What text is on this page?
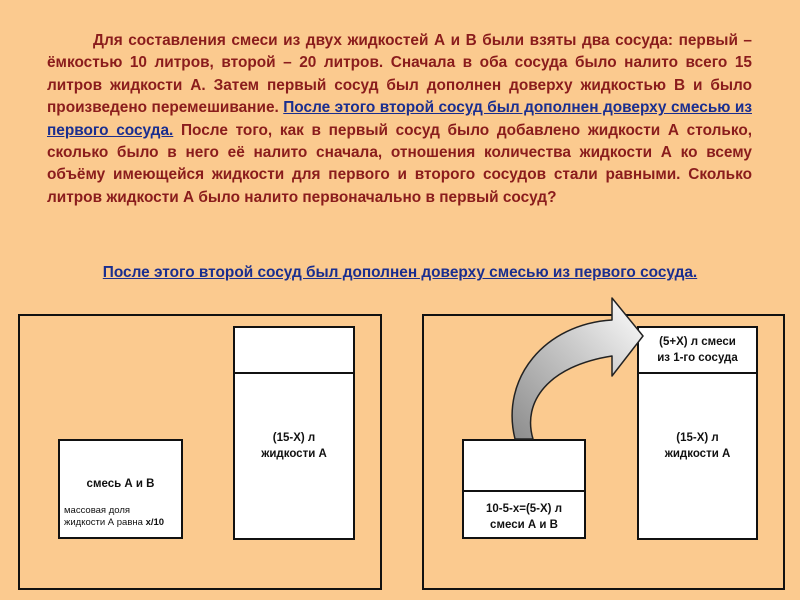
Для составления смеси из двух жидкостей А и В были взяты два сосуда: первый – ёмкостью 10 литров, второй – 20 литров. Сначала в оба сосуда было налито всего 15 литров жидкости А. Затем первый сосуд был дополнен доверху жидкостью В и было произведено перемешивание. После этого второй сосуд был дополнен доверху смесью из первого сосуда. После того, как в первый сосуд было добавлено жидкости А столько, сколько было в него её налито сначала, отношения количества жидкости А ко всему объёму имеющейся жидкости для первого и второго сосудов стали равными. Сколько литров жидкости А было налито первоначально в первый сосуд?

После этого второй сосуд был дополнен доверху смесью из первого сосуда.
смесь А и В
массовая доля
жидкости А равна х/10
(15-Х) л
жидкости А
10-5-х=(5-Х) л
смеси А и В
(5+Х) л смеси
из 1-го сосуда
(15-Х) л
жидкости А
